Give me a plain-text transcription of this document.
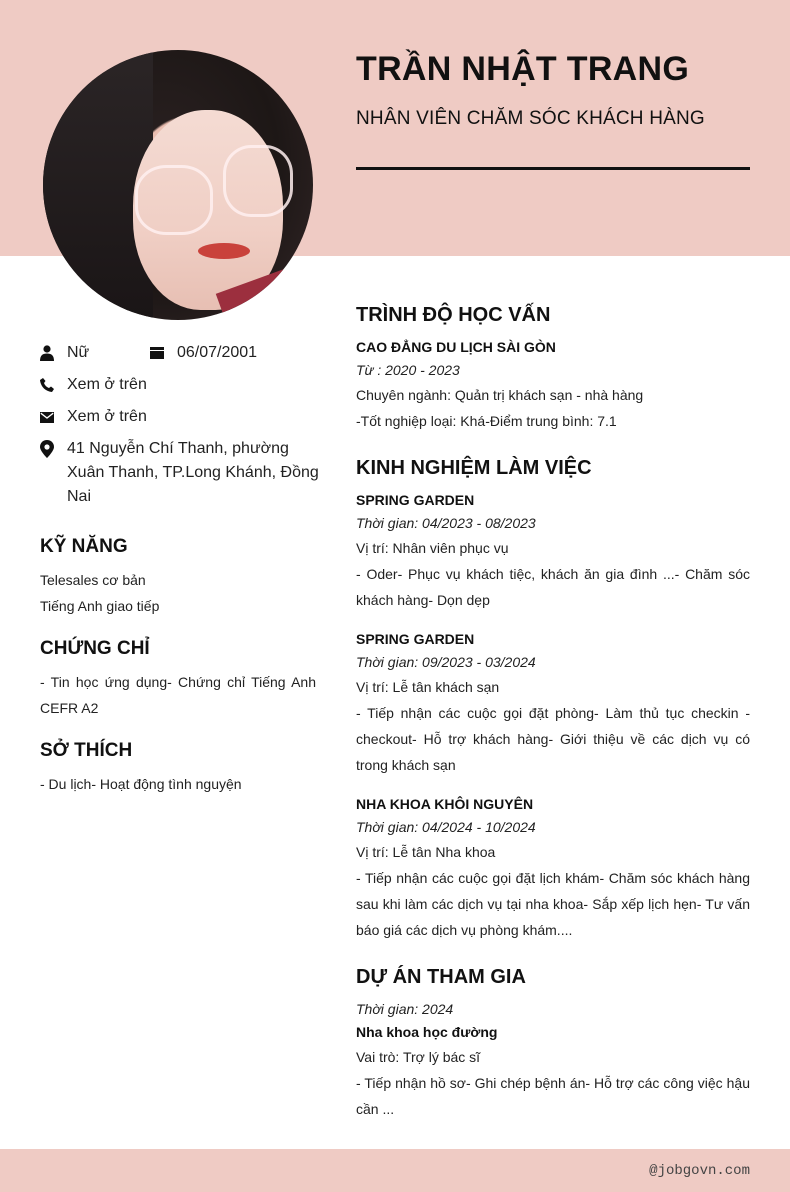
TRẦN NHẬT TRANG
NHÂN VIÊN CHĂM SÓC KHÁCH HÀNG
Nữ	06/07/2001
Xem ở trên
Xem ở trên
41 Nguyễn Chí Thanh, phường
Xuân Thanh, TP.Long Khánh, Đồng
Nai
KỸ NĂNG
Telesales cơ bản
Tiếng Anh giao tiếp
CHỨNG CHỈ
- Tin học ứng dụng- Chứng chỉ Tiếng Anh CEFR A2
SỞ THÍCH
- Du lịch- Hoạt động tình nguyện
TRÌNH ĐỘ HỌC VẤN
CAO ĐẲNG DU LỊCH SÀI GÒN
Từ : 2020 - 2023
Chuyên ngành: Quản trị khách sạn - nhà hàng
-Tốt nghiệp loại: Khá-Điểm trung bình: 7.1
KINH NGHIỆM LÀM VIỆC
SPRING GARDEN
Thời gian: 04/2023 - 08/2023
Vị trí: Nhân viên phục vụ
- Oder- Phục vụ khách tiệc, khách ăn gia đình ...- Chăm sóc khách hàng- Dọn dẹp
SPRING GARDEN
Thời gian: 09/2023 - 03/2024
Vị trí: Lễ tân khách sạn
- Tiếp nhận các cuộc gọi đặt phòng- Làm thủ tục checkin - checkout- Hỗ trợ khách hàng- Giới thiệu về các dịch vụ có trong khách sạn
NHA KHOA KHÔI NGUYÊN
Thời gian: 04/2024 - 10/2024
Vị trí: Lễ tân Nha khoa
- Tiếp nhận các cuộc gọi đặt lịch khám- Chăm sóc khách hàng sau khi làm các dịch vụ tại nha khoa- Sắp xếp lịch hẹn- Tư vấn báo giá các dịch vụ phòng khám....
DỰ ÁN THAM GIA
Thời gian: 2024
Nha khoa học đường
Vai trò: Trợ lý bác sĩ
- Tiếp nhận hồ sơ- Ghi chép bệnh án- Hỗ trợ các công việc hậu cần ...
@jobgovn.com
